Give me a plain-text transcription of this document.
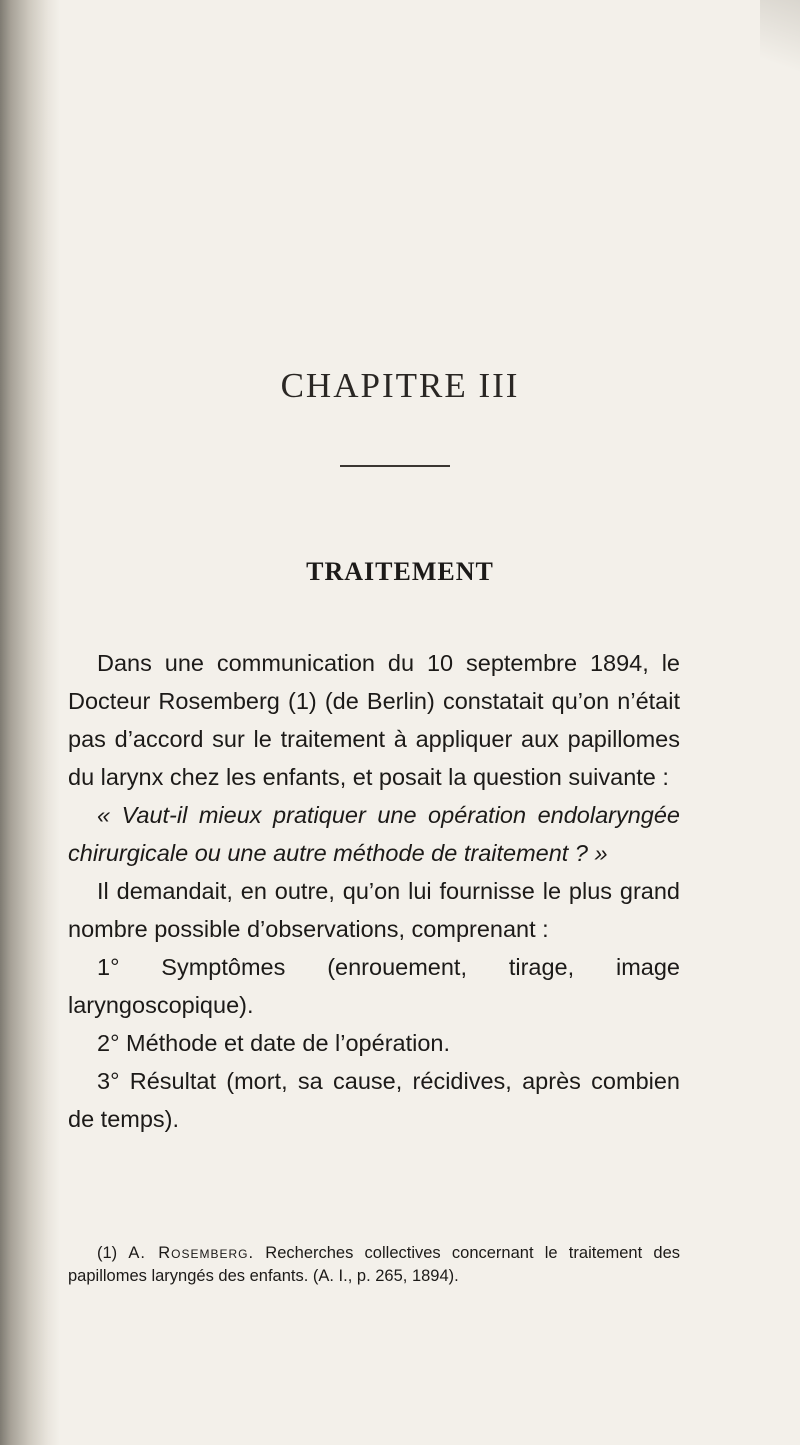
CHAPITRE III
TRAITEMENT

Dans une communication du 10 septembre 1894, le Docteur Rosemberg (1) (de Berlin) constatait qu’on n’était pas d’accord sur le traitement à appliquer aux papillomes du larynx chez les enfants, et posait la question suivante :

« Vaut-il mieux pratiquer une opération endolaryngée chirurgicale ou une autre méthode de traitement ? »

Il demandait, en outre, qu’on lui fournisse le plus grand nombre possible d’observations, comprenant :

1° Symptômes (enrouement, tirage, image laryngoscopique).

2° Méthode et date de l’opération.

3° Résultat (mort, sa cause, récidives, après combien de temps).

(1) A. Rosemberg. Recherches collectives concernant le traitement des papillomes laryngés des enfants. (A. I., p. 265, 1894).
